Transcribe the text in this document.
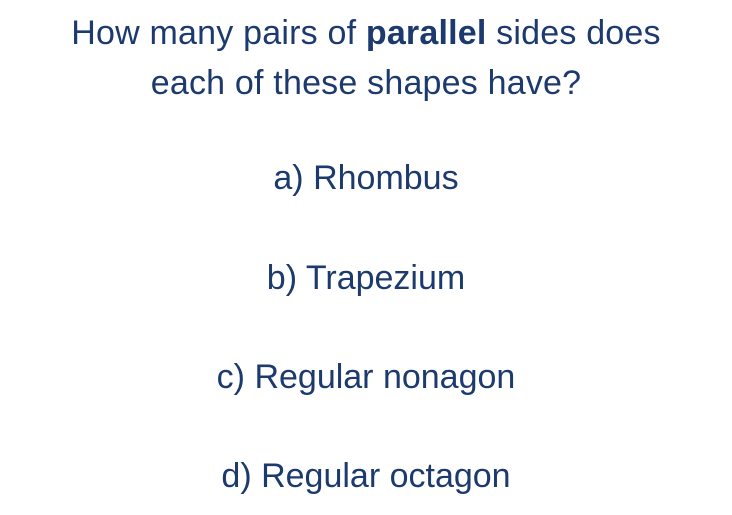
How many pairs of parallel sides does
each of these shapes have?
a) Rhombus
b) Trapezium
c) Regular nonagon
d) Regular octagon
